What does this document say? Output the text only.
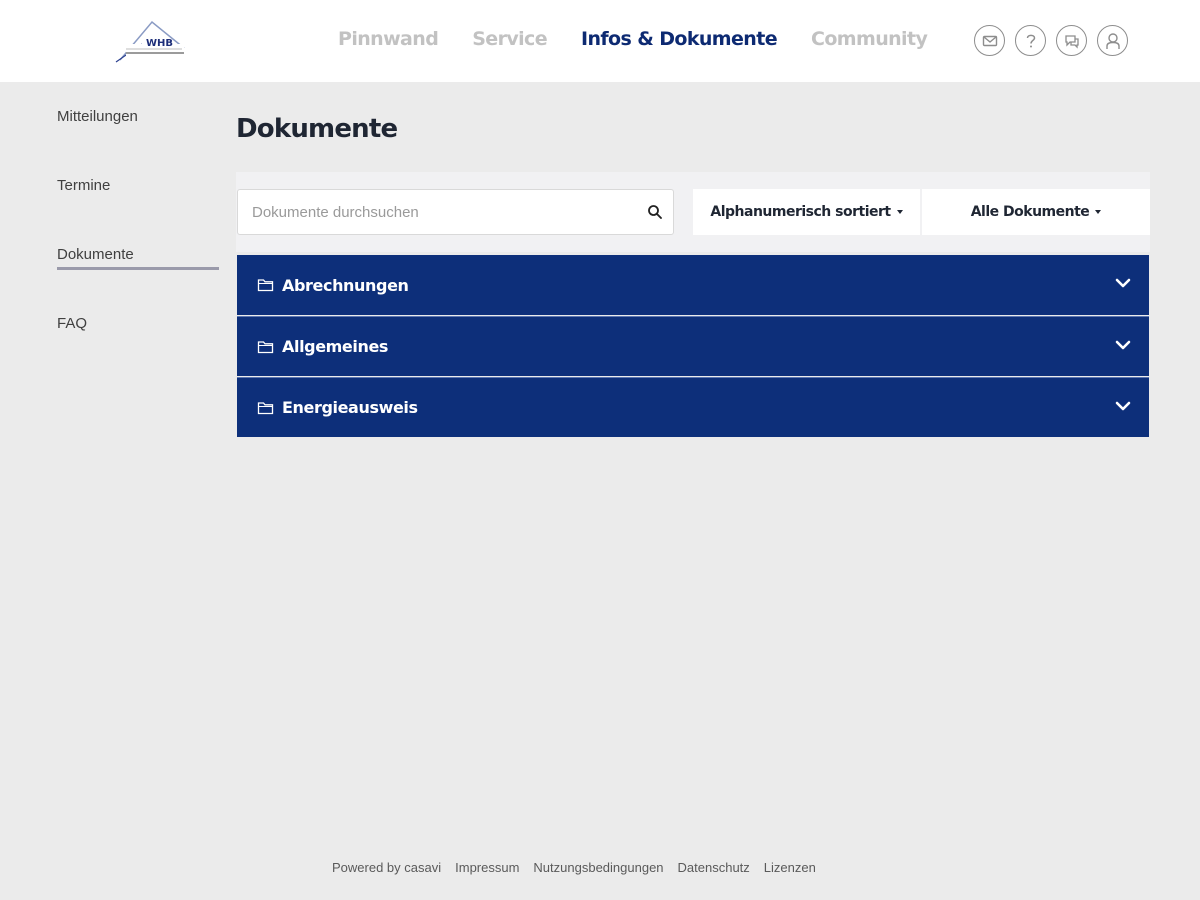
WHB	Pinnwand Service Infos & Dokumente Community
Mitteilungen
Termine
Dokumente
FAQ
Dokumente
Dokumente durchsuchen
Alphanumerisch sortiert	Alle Dokumente
Abrechnungen
Allgemeines
Energieausweis
Powered by casavi Impressum Nutzungsbedingungen Datenschutz Lizenzen
